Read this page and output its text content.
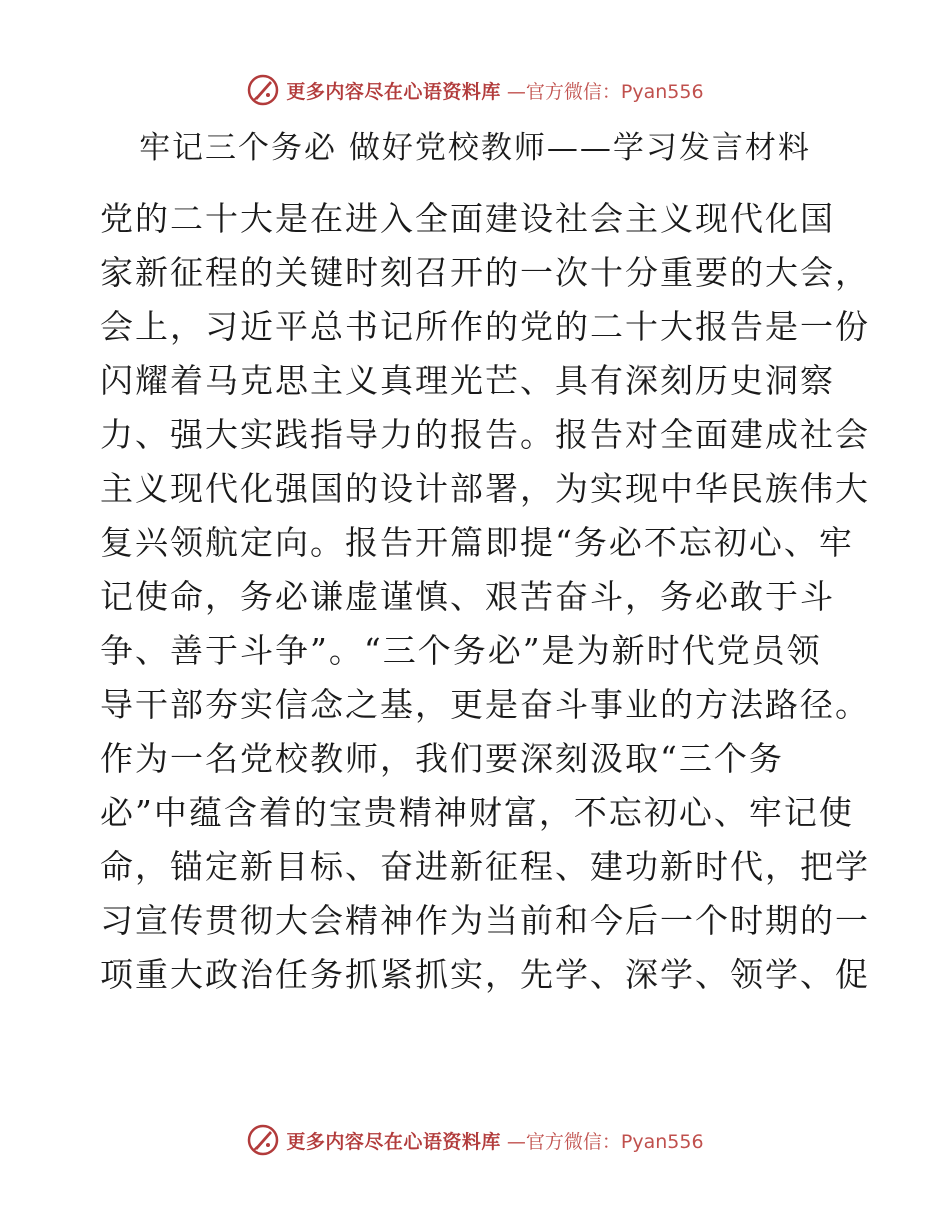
更多内容尽在心语资料库 —官方微信：Pyan556
牢记三个务必 做好党校教师——学习发言材料
党的二十大是在进入全面建设社会主义现代化国
家新征程的关键时刻召开的一次十分重要的大会，
会上，习近平总书记所作的党的二十大报告是一份
闪耀着马克思主义真理光芒、具有深刻历史洞察
力、强大实践指导力的报告。报告对全面建成社会
主义现代化强国的设计部署，为实现中华民族伟大
复兴领航定向。报告开篇即提“务必不忘初心、牢
记使命，务必谦虚谨慎、艰苦奋斗，务必敢于斗
争、善于斗争”。“三个务必”是为新时代党员领
导干部夯实信念之基，更是奋斗事业的方法路径。
作为一名党校教师，我们要深刻汲取“三个务
必”中蕴含着的宝贵精神财富，不忘初心、牢记使
命，锚定新目标、奋进新征程、建功新时代，把学
习宣传贯彻大会精神作为当前和今后一个时期的一
项重大政治任务抓紧抓实，先学、深学、领学、促
更多内容尽在心语资料库 —官方微信：Pyan556
